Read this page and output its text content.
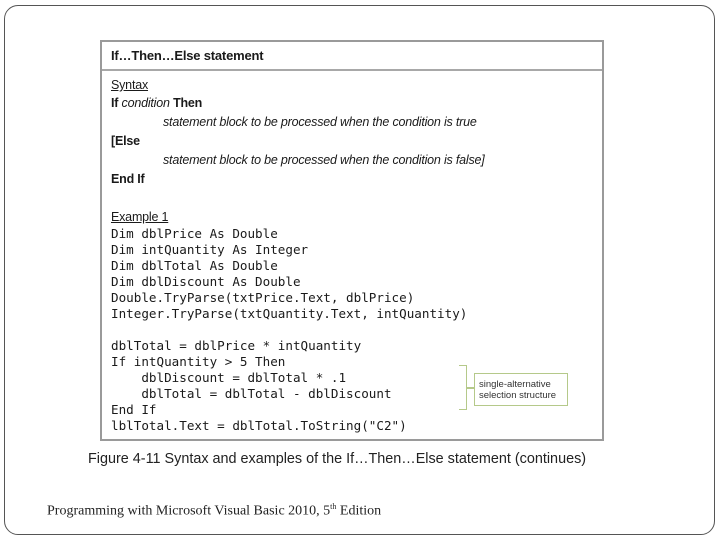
If…Then…Else statement
Syntax
If condition Then
statement block to be processed when the condition is true
[Else
statement block to be processed when the condition is false]
End If
Example 1
Dim dblPrice As Double
Dim intQuantity As Integer
Dim dblTotal As Double
Dim dblDiscount As Double
Double.TryParse(txtPrice.Text, dblPrice)
Integer.TryParse(txtQuantity.Text, intQuantity)
dblTotal = dblPrice * intQuantity
If intQuantity > 5 Then
dblDiscount = dblTotal * .1
dblTotal = dblTotal - dblDiscount
End If
lblTotal.Text = dblTotal.ToString("C2")
single-alternative
selection structure
Figure 4-11 Syntax and examples of the If…Then…Else statement (continues)
Programming with Microsoft Visual Basic 2010, 5th Edition
